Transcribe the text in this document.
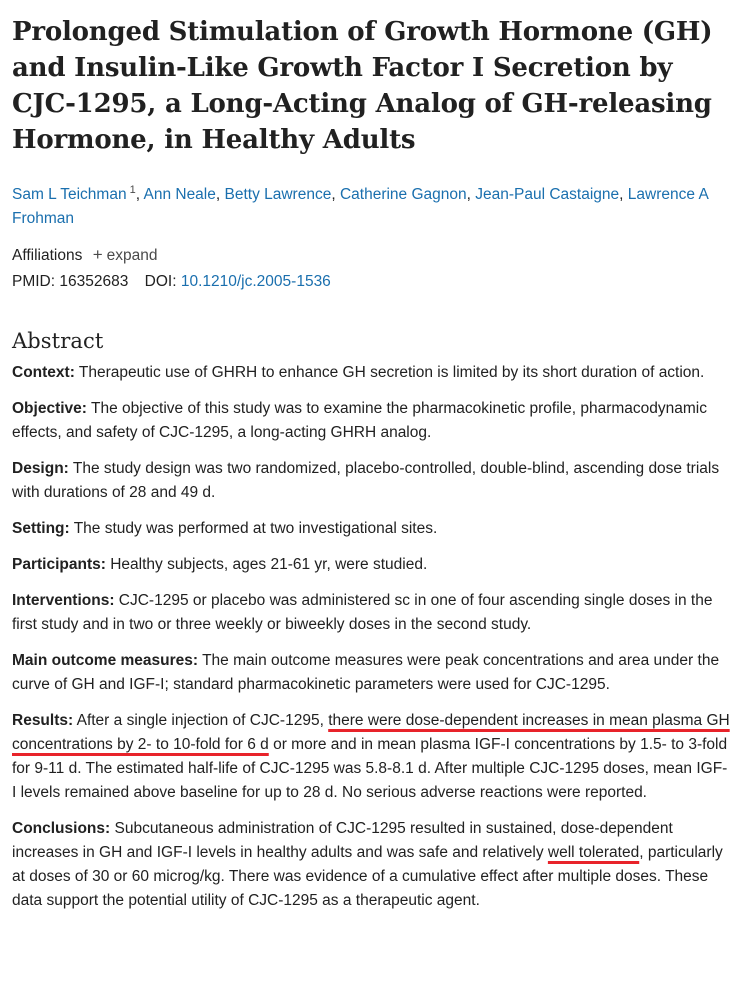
Prolonged Stimulation of Growth Hormone (GH) and Insulin-Like Growth Factor I Secretion by CJC-1295, a Long-Acting Analog of GH-releasing Hormone, in Healthy Adults
Sam L Teichman $^1$, Ann Neale, Betty Lawrence, Catherine Gagnon, Jean-Paul Castaigne, Lawrence A Frohman
Affiliations + expand
PMID: 16352683 DOI: 10.1210/jc.2005-1536
Abstract

Context: Therapeutic use of GHRH to enhance GH secretion is limited by its short duration of action.

Objective: The objective of this study was to examine the pharmacokinetic profile, pharmacodynamic effects, and safety of CJC-1295, a long-acting GHRH analog.

Design: The study design was two randomized, placebo-controlled, double-blind, ascending dose trials with durations of 28 and 49 d.

Setting: The study was performed at two investigational sites.

Participants: Healthy subjects, ages 21-61 yr, were studied.

Interventions: CJC-1295 or placebo was administered sc in one of four ascending single doses in the first study and in two or three weekly or biweekly doses in the second study.

Main outcome measures: The main outcome measures were peak concentrations and area under the curve of GH and IGF-I; standard pharmacokinetic parameters were used for CJC-1295.

Results: After a single injection of CJC-1295, there were dose-dependent increases in mean plasma GH concentrations by 2- to 10-fold for 6 d or more and in mean plasma IGF-I concentrations by 1.5- to 3-fold for 9-11 d. The estimated half-life of CJC-1295 was 5.8-8.1 d. After multiple CJC-1295 doses, mean IGF-I levels remained above baseline for up to 28 d. No serious adverse reactions were reported.

Conclusions: Subcutaneous administration of CJC-1295 resulted in sustained, dose-dependent increases in GH and IGF-I levels in healthy adults and was safe and relatively well tolerated, particularly at doses of 30 or 60 microg/kg. There was evidence of a cumulative effect after multiple doses. These data support the potential utility of CJC-1295 as a therapeutic agent.
